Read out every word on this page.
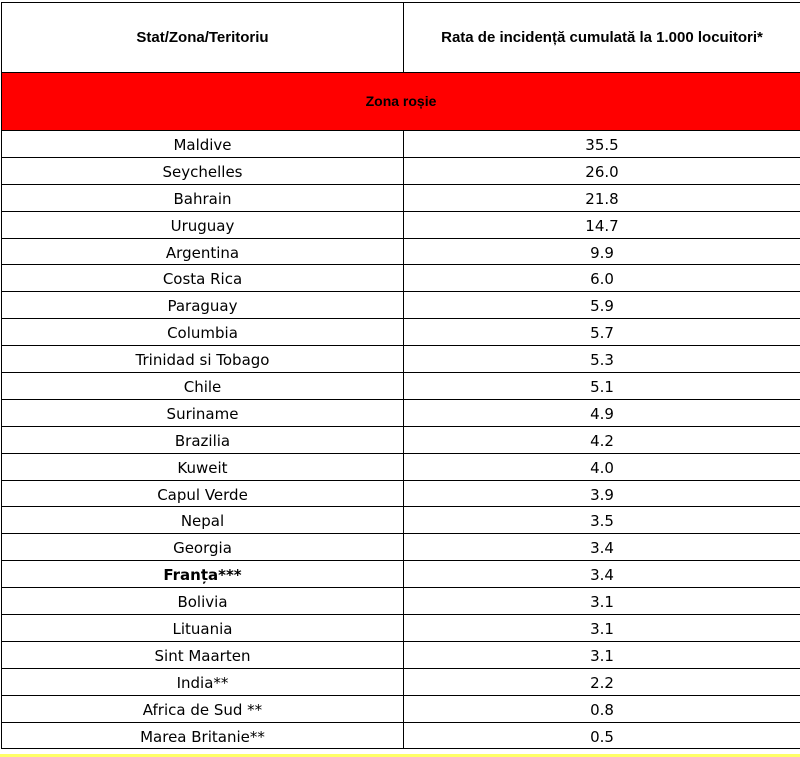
Stat/Zona/Teritoriu	Rata de incidență cumulată la 1.000 locuitori*
Zona roșie	
Maldive	35.5
Seychelles	26.0
Bahrain	21.8
Uruguay	14.7
Argentina	9.9
Costa Rica	6.0
Paraguay	5.9
Columbia	5.7
Trinidad si Tobago	5.3
Chile	5.1
Suriname	4.9
Brazilia	4.2
Kuweit	4.0
Capul Verde	3.9
Nepal	3.5
Georgia	3.4
Franța***	3.4
Bolivia	3.1
Lituania	3.1
Sint Maarten	3.1
India**	2.2
Africa de Sud **	0.8
Marea Britanie**	0.5
